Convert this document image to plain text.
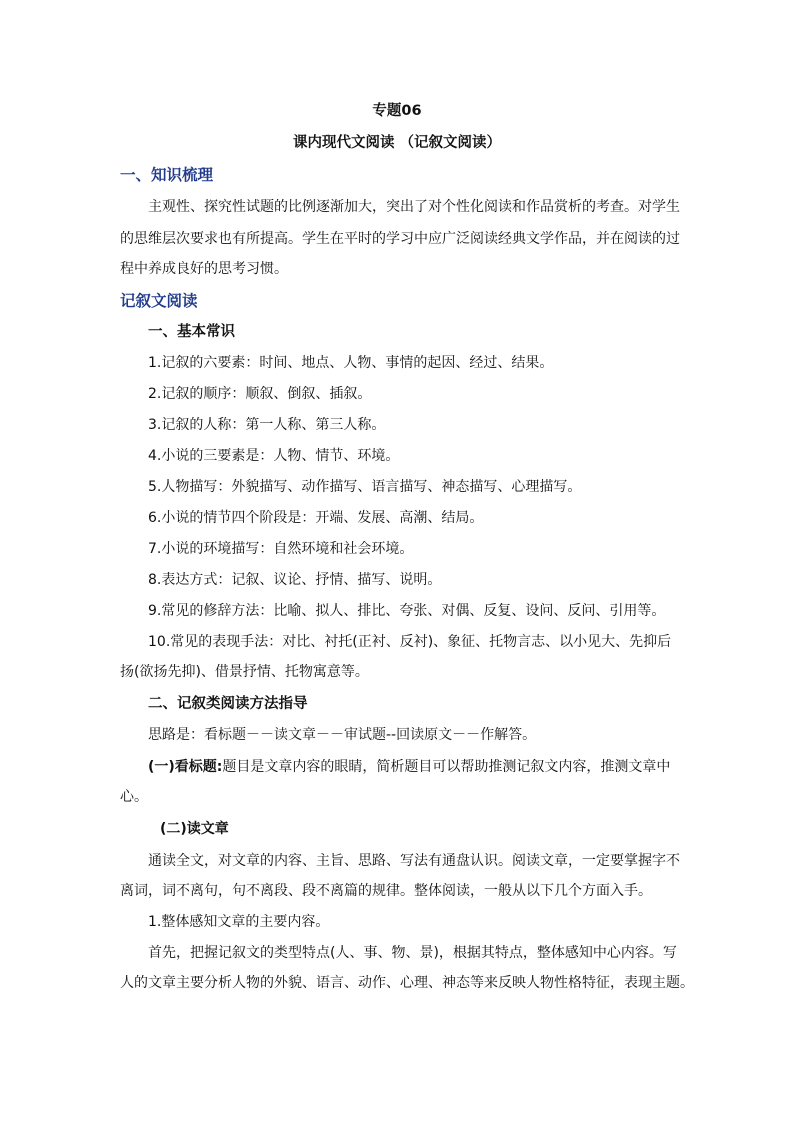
专题06
课内现代文阅读 （记叙文阅读）
一、知识梳理
主观性、探究性试题的比例逐渐加大，突出了对个性化阅读和作品赏析的考查。对学生
的思维层次要求也有所提高。学生在平时的学习中应广泛阅读经典文学作品，并在阅读的过
程中养成良好的思考习惯。
记叙文阅读
一、基本常识
1.记叙的六要素：时间、地点、人物、事情的起因、经过、结果。
2.记叙的顺序：顺叙、倒叙、插叙。
3.记叙的人称：第一人称、第三人称。
4.小说的三要素是：人物、情节、环境。
5.人物描写：外貌描写、动作描写、语言描写、神态描写、心理描写。
6.小说的情节四个阶段是：开端、发展、高潮、结局。
7.小说的环境描写：自然环境和社会环境。
8.表达方式：记叙、议论、抒情、描写、说明。
9.常见的修辞方法：比喻、拟人、排比、夸张、对偶、反复、设问、反问、引用等。
10.常见的表现手法：对比、衬托(正衬、反衬)、象征、托物言志、以小见大、先抑后
扬(欲扬先抑)、借景抒情、托物寓意等。
二、记叙类阅读方法指导
思路是：看标题－－读文章－－审试题--回读原文－－作解答。
(一)看标题:题目是文章内容的眼睛，简析题目可以帮助推测记叙文内容，推测文章中
心。
(二)读文章
通读全文，对文章的内容、主旨、思路、写法有通盘认识。阅读文章，一定要掌握字不
离词，词不离句，句不离段、段不离篇的规律。整体阅读，一般从以下几个方面入手。
1.整体感知文章的主要内容。
首先，把握记叙文的类型特点(人、事、物、景)，根据其特点，整体感知中心内容。写
人的文章主要分析人物的外貌、语言、动作、心理、神态等来反映人物性格特征，表现主题。
